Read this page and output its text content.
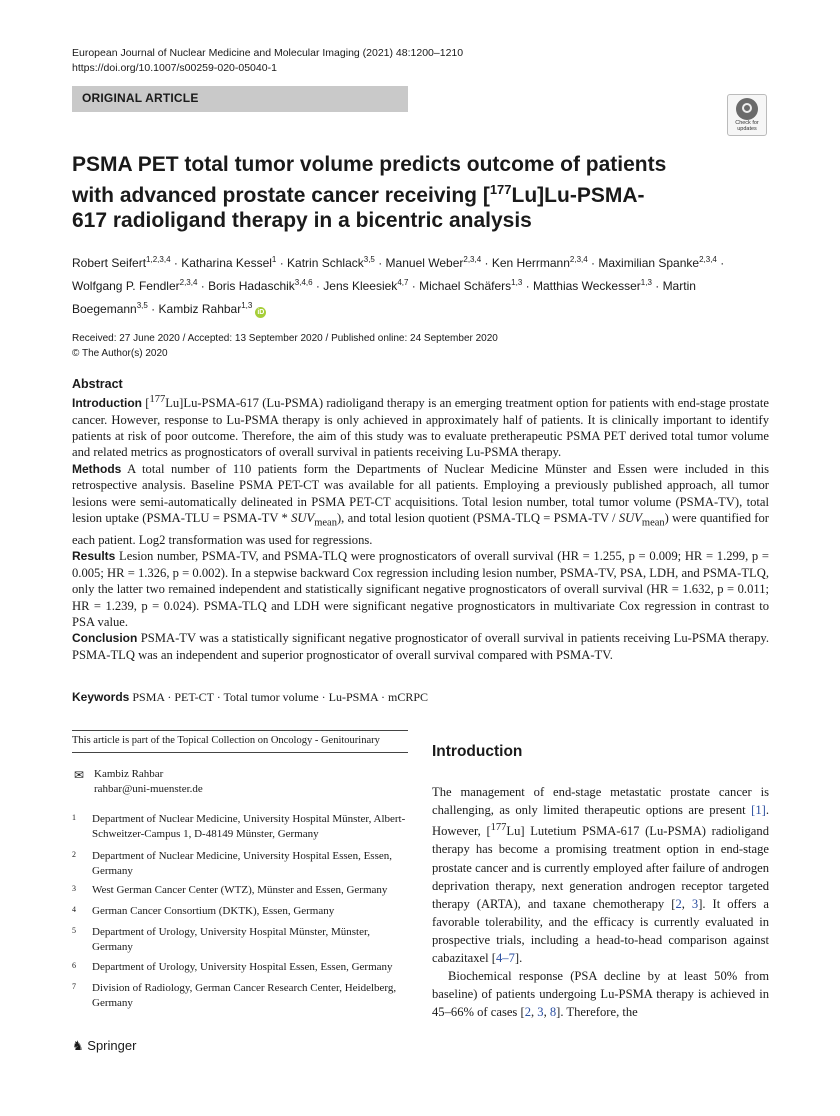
European Journal of Nuclear Medicine and Molecular Imaging (2021) 48:1200–1210
https://doi.org/10.1007/s00259-020-05040-1
ORIGINAL ARTICLE
Check for
updates
PSMA PET total tumor volume predicts outcome of patients with advanced prostate cancer receiving [$^{177}$Lu]Lu-PSMA-617 radioligand therapy in a bicentric analysis
Robert Seifert$^{1,2,3,4}$ · Katharina Kessel$^1$ · Katrin Schlack$^{3,5}$ · Manuel Weber$^{2,3,4}$ · Ken Herrmann$^{2,3,4}$ · Maximilian Spanke$^{2,3,4}$ · Wolfgang P. Fendler$^{2,3,4}$ · Boris Hadaschik$^{3,4,6}$ · Jens Kleesiek$^{4,7}$ · Michael Schäfers$^{1,3}$ · Matthias Weckesser$^{1,3}$ · Martin Boegemann$^{3,5}$ · Kambiz Rahbar$^{1,3}$iD
Received: 27 June 2020 / Accepted: 13 September 2020 / Published online: 24 September 2020
© The Author(s) 2020
Abstract

Introduction [$^{177}$Lu]Lu-PSMA-617 (Lu-PSMA) radioligand therapy is an emerging treatment option for patients with end-stage prostate cancer. However, response to Lu-PSMA therapy is only achieved in approximately half of patients. It is clinically important to identify patients at risk of poor outcome. Therefore, the aim of this study was to evaluate pretherapeutic PSMA PET derived total tumor volume and related metrics as prognosticators of overall survival in patients receiving Lu-PSMA therapy.

Methods A total number of 110 patients form the Departments of Nuclear Medicine Münster and Essen were included in this retrospective analysis. Baseline PSMA PET-CT was available for all patients. Employing a previously published approach, all tumor lesions were semi-automatically delineated in PSMA PET-CT acquisitions. Total lesion number, total tumor volume (PSMA-TV), total lesion uptake (PSMA-TLU = PSMA-TV * $SUV_{mean}$), and total lesion quotient (PSMA-TLQ = PSMA-TV / $SUV_{mean}$) were quantified for each patient. Log2 transformation was used for regressions.

Results Lesion number, PSMA-TV, and PSMA-TLQ were prognosticators of overall survival (HR = 1.255, p = 0.009; HR = 1.299, p = 0.005; HR = 1.326, p = 0.002). In a stepwise backward Cox regression including lesion number, PSMA-TV, PSA, LDH, and PSMA-TLQ, only the latter two remained independent and statistically significant negative prognosticators of overall survival (HR = 1.632, p = 0.011; HR = 1.239, p = 0.024). PSMA-TLQ and LDH were significant negative prognosticators in multivariate Cox regression in contrast to PSA value.

Conclusion PSMA-TV was a statistically significant negative prognosticator of overall survival in patients receiving Lu-PSMA therapy. PSMA-TLQ was an independent and superior prognosticator of overall survival compared with PSMA-TV.

Keywords PSMA · PET-CT · Total tumor volume · Lu-PSMA · mCRPC
This article is part of the Topical Collection on Oncology - Genitourinary
✉ Kambiz Rahbar
rahbar@uni-muenster.de
1 Department of Nuclear Medicine, University Hospital Münster, Albert-Schweitzer-Campus 1, D-48149 Münster, Germany
2 Department of Nuclear Medicine, University Hospital Essen, Essen, Germany
3 West German Cancer Center (WTZ), Münster and Essen, Germany
4 German Cancer Consortium (DKTK), Essen, Germany
5 Department of Urology, University Hospital Münster, Münster, Germany
6 Department of Urology, University Hospital Essen, Essen, Germany
7 Division of Radiology, German Cancer Research Center, Heidelberg, Germany
Introduction

The management of end-stage metastatic prostate cancer is challenging, as only limited therapeutic options are present [1]. However, [$^{177}$Lu] Lutetium PSMA-617 (Lu-PSMA) radioligand therapy has become a promising treatment option in end-stage prostate cancer and is currently employed after failure of androgen deprivation therapy, next generation androgen receptor targeted therapy (ARTA), and taxane chemotherapy [2, 3]. It offers a favorable tolerability, and the efficacy is currently evaluated in prospective trials, including a head-to-head comparison against cabazitaxel [4–7].

Biochemical response (PSA decline by at least 50% from baseline) of patients undergoing Lu-PSMA therapy is achieved in 45–66% of cases [2, 3, 8]. Therefore, the

♞ Springer
